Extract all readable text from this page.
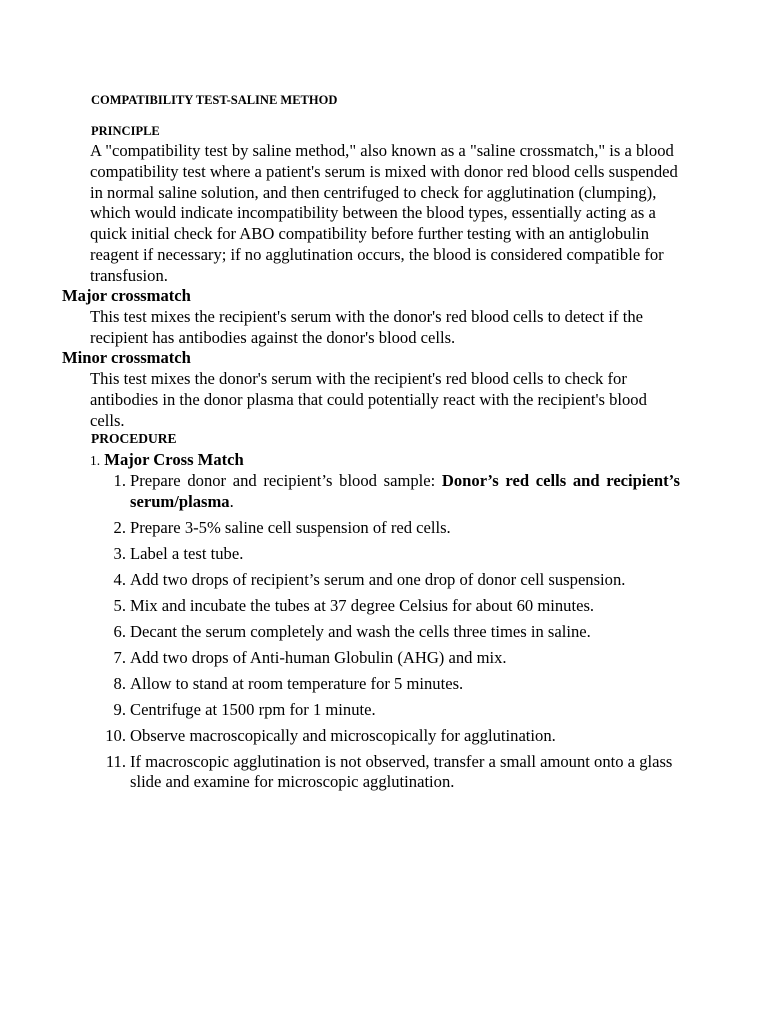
COMPATIBILITY TEST-SALINE METHOD
PRINCIPLE
A "compatibility test by saline method," also known as a "saline crossmatch," is a blood compatibility test where a patient's serum is mixed with donor red blood cells suspended in normal saline solution, and then centrifuged to check for agglutination (clumping), which would indicate incompatibility between the blood types, essentially acting as a quick initial check for ABO compatibility before further testing with an antiglobulin reagent if necessary; if no agglutination occurs, the blood is considered compatible for transfusion.
Major crossmatch
This test mixes the recipient's serum with the donor's red blood cells to detect if the recipient has antibodies against the donor's blood cells.
Minor crossmatch
This test mixes the donor's serum with the recipient's red blood cells to check for antibodies in the donor plasma that could potentially react with the recipient's blood cells.
PROCEDURE
1. Major Cross Match
1. Prepare donor and recipient’s blood sample: Donor’s red cells and recipient’s serum/plasma.
2. Prepare 3-5% saline cell suspension of red cells.
3. Label a test tube.
4. Add two drops of recipient’s serum and one drop of donor cell suspension.
5. Mix and incubate the tubes at 37 degree Celsius for about 60 minutes.
6. Decant the serum completely and wash the cells three times in saline.
7. Add two drops of Anti-human Globulin (AHG) and mix.
8. Allow to stand at room temperature for 5 minutes.
9. Centrifuge at 1500 rpm for 1 minute.
10. Observe macroscopically and microscopically for agglutination.
11. If macroscopic agglutination is not observed, transfer a small amount onto a glass slide and examine for microscopic agglutination.
